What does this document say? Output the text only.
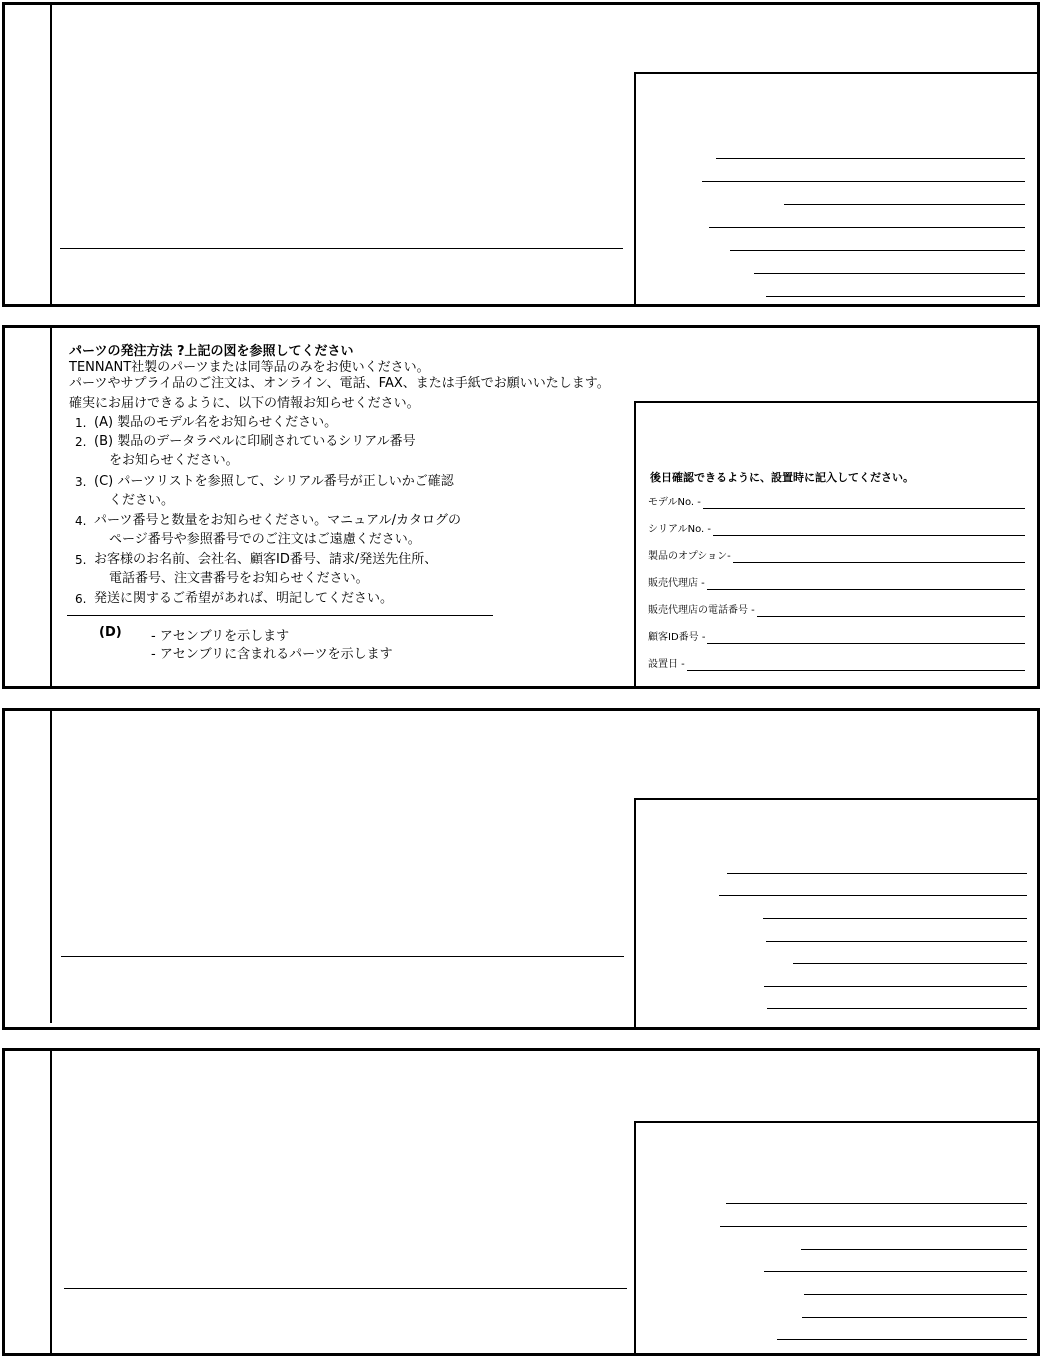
パーツの発注方法 ?上記の図を参照してください
TENNANT社製のパーツまたは同等品のみをお使いください。
パーツやサプライ品のご注文は、オンライン、電話、FAX、または手紙でお願いいたします。
確実にお届けできるように、以下の情報お知らせください。
1. (A) 製品のモデル名をお知らせください。
2. (B) 製品のデータラベルに印刷されているシリアル番号
をお知らせください。
3. (C) パーツリストを参照して、シリアル番号が正しいかご確認
ください。
4. パーツ番号と数量をお知らせください。マニュアル/カタログの
ページ番号や参照番号でのご注文はご遠慮ください。
5. お客様のお名前、会社名、顧客ID番号、請求/発送先住所、
電話番号、注文書番号をお知らせください。
6. 発送に関するご希望があれば、明記してください。
(D) - アセンブリを示します
- アセンブリに含まれるパーツを示します
後日確認できるように、設置時に記入してください。
モデルNo. -
シリアルNo. -
製品のオプション-
販売代理店 -
販売代理店の電話番号 -
顧客ID番号 -
設置日 -
